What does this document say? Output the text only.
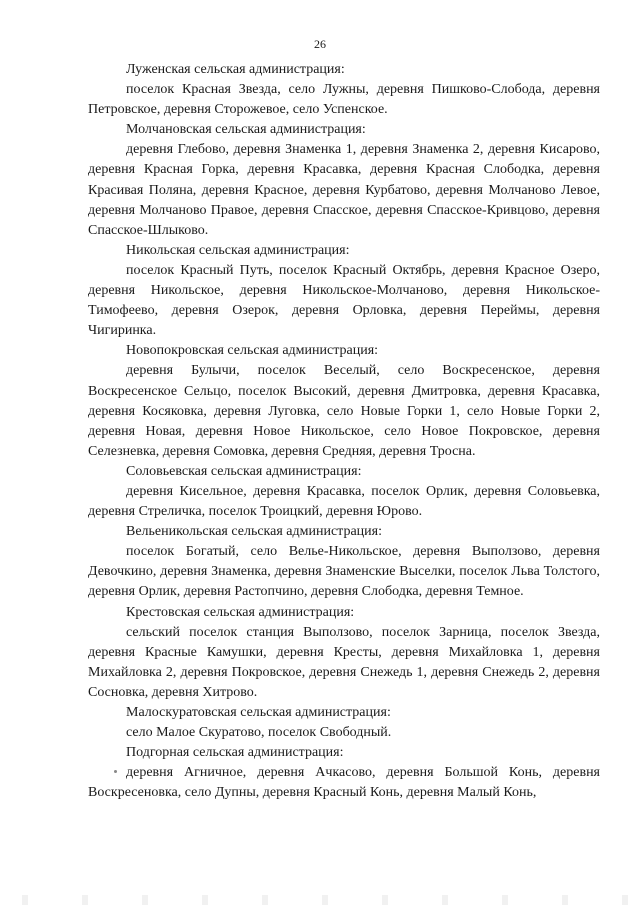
26

Луженская сельская администрация:

поселок Красная Звезда, село Лужны, деревня Пишково-Слобода, деревня Петровское, деревня Сторожевое, село Успенское.

Молчановская сельская администрация:

деревня Глебово, деревня Знаменка 1, деревня Знаменка 2, деревня Кисарово, деревня Красная Горка, деревня Красавка, деревня Красная Слободка, деревня Красивая Поляна, деревня Красное, деревня Курбатово, деревня Молчаново Левое, деревня Молчаново Правое, деревня Спасское, деревня Спасское-Кривцово, деревня Спасское-Шлыково.

Никольская сельская администрация:

поселок Красный Путь, поселок Красный Октябрь, деревня Красное Озеро, деревня Никольское, деревня Никольское-Молчаново, деревня Никольское-Тимофеево, деревня Озерок, деревня Орловка, деревня Переймы, деревня Чигиринка.

Новопокровская сельская администрация:

деревня Булычи, поселок Веселый, село Воскресенское, деревня Воскресенское Сельцо, поселок Высокий, деревня Дмитровка, деревня Красавка, деревня Косяковка, деревня Луговка, село Новые Горки 1, село Новые Горки 2, деревня Новая, деревня Новое Никольское, село Новое Покровское, деревня Селезневка, деревня Сомовка, деревня Средняя, деревня Тросна.

Соловьевская сельская администрация:

деревня Кисельное, деревня Красавка, поселок Орлик, деревня Соловьевка, деревня Стреличка, поселок Троицкий, деревня Юрово.

Вельеникольская сельская администрация:

поселок Богатый, село Велье-Никольское, деревня Выползово, деревня Девочкино, деревня Знаменка, деревня Знаменские Выселки, поселок Льва Толстого, деревня Орлик, деревня Растопчино, деревня Слободка, деревня Темное.

Крестовская сельская администрация:

сельский поселок станция Выползово, поселок Зарница, поселок Звезда, деревня Красные Камушки, деревня Кресты, деревня Михайловка 1, деревня Михайловка 2, деревня Покровское, деревня Снежедь 1, деревня Снежедь 2, деревня Сосновка, деревня Хитрово.

Малоскуратовская сельская администрация:

село Малое Скуратово, поселок Свободный.

Подгорная сельская администрация:

деревня Агничное, деревня Ачкасово, деревня Большой Конь, деревня Воскресеновка, село Дупны, деревня Красный Конь, деревня Малый Конь,
